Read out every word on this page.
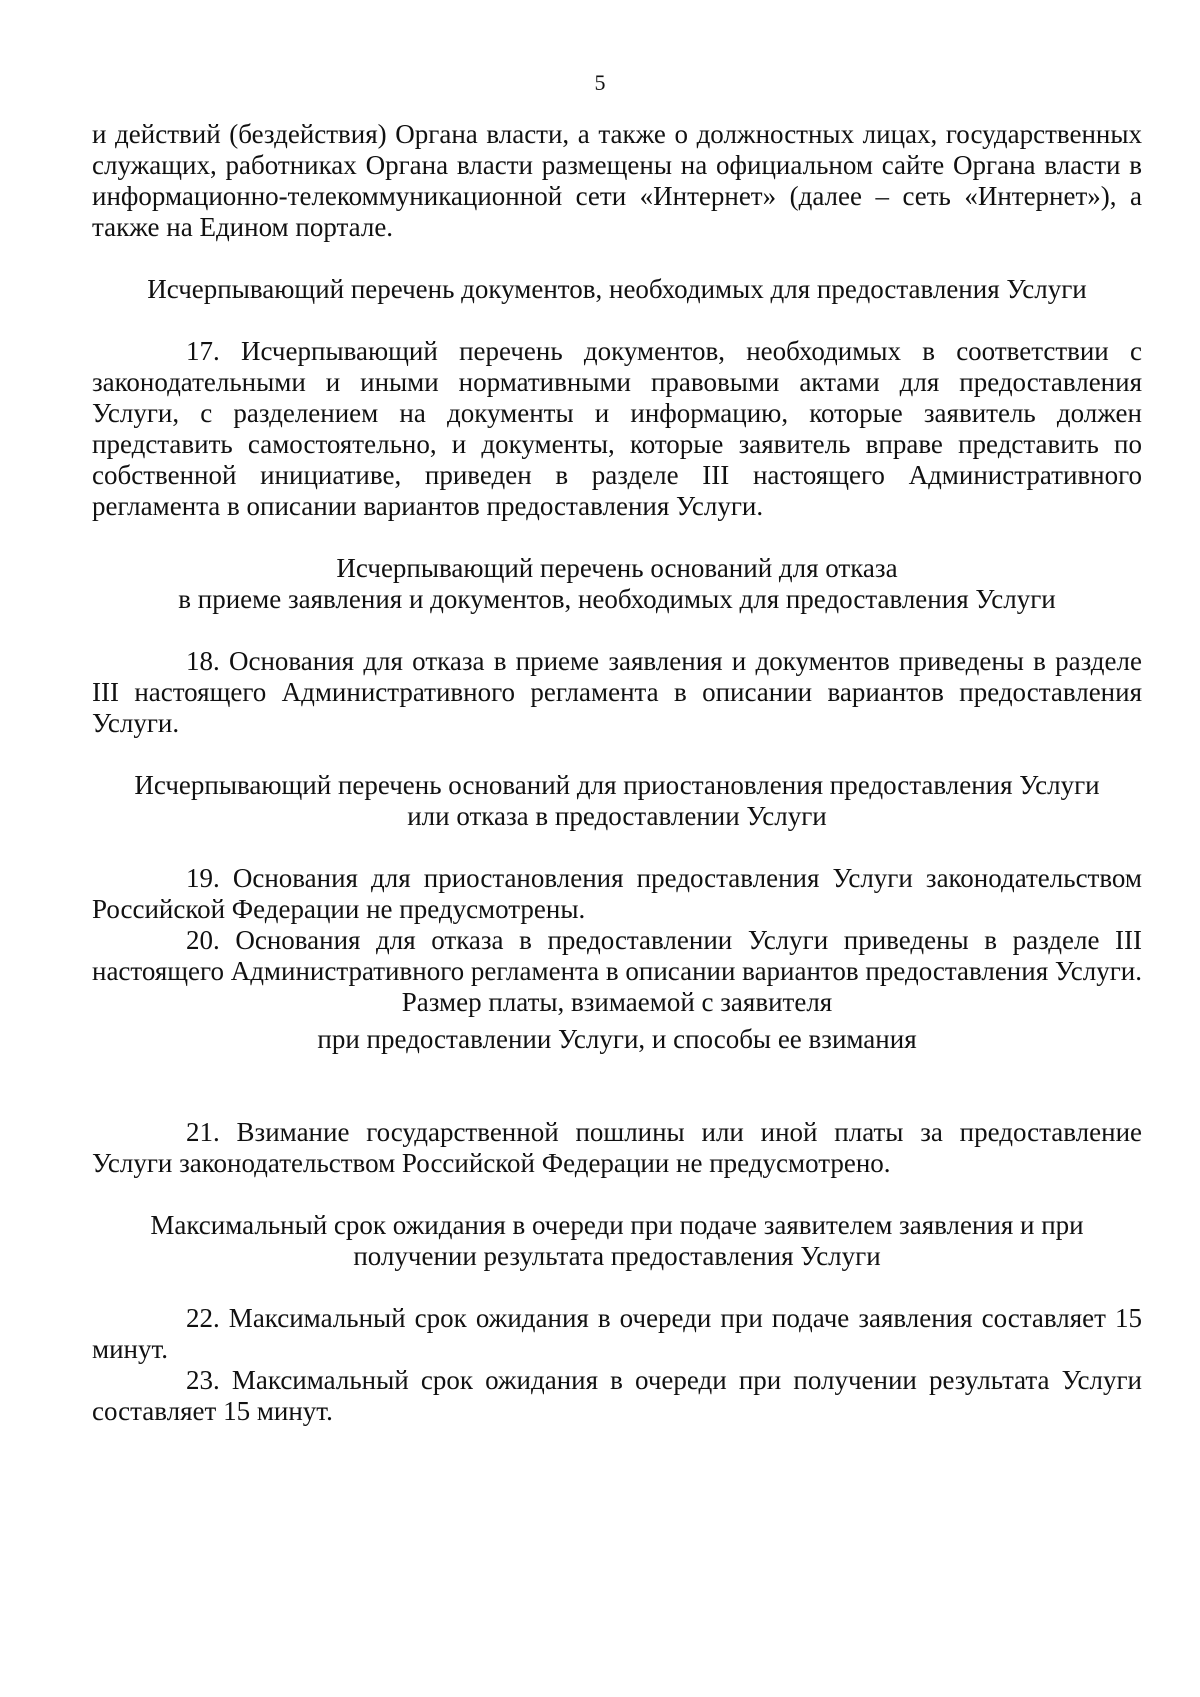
5

и действий (бездействия) Органа власти, а также о должностных лицах, государственных служащих, работниках Органа власти размещены на официальном сайте Органа власти в информационно-телекоммуникационной сети «Интернет» (далее – сеть «Интернет»), а также на Едином портале.

Исчерпывающий перечень документов, необходимых для предоставления Услуги

17. Исчерпывающий перечень документов, необходимых в соответствии с законодательными и иными нормативными правовыми актами для предоставления Услуги, с разделением на документы и информацию, которые заявитель должен представить самостоятельно, и документы, которые заявитель вправе представить по собственной инициативе, приведен в разделе III настоящего Административного регламента в описании вариантов предоставления Услуги.

Исчерпывающий перечень оснований для отказа
в приеме заявления и документов, необходимых для предоставления Услуги

18. Основания для отказа в приеме заявления и документов приведены в разделе III настоящего Административного регламента в описании вариантов предоставления Услуги.

Исчерпывающий перечень оснований для приостановления предоставления Услуги
или отказа в предоставлении Услуги

19. Основания для приостановления предоставления Услуги законодательством Российской Федерации не предусмотрены.

20. Основания для отказа в предоставлении Услуги приведены в разделе III настоящего Административного регламента в описании вариантов предоставления Услуги.

Размер платы, взимаемой с заявителя
при предоставлении Услуги, и способы ее взимания

21. Взимание государственной пошлины или иной платы за предоставление Услуги законодательством Российской Федерации не предусмотрено.

Максимальный срок ожидания в очереди при подаче заявителем заявления и при
получении результата предоставления Услуги

22. Максимальный срок ожидания в очереди при подаче заявления составляет 15 минут.

23. Максимальный срок ожидания в очереди при получении результата Услуги составляет 15 минут.
